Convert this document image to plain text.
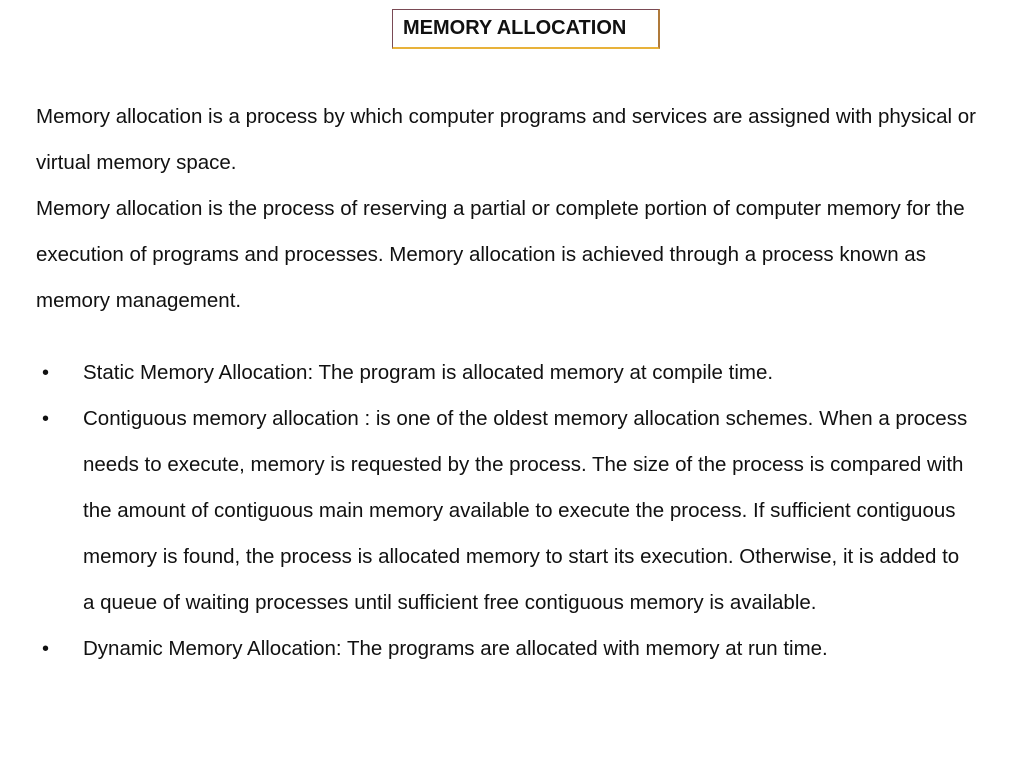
MEMORY ALLOCATION

Memory allocation is a process by which computer programs and services are assigned with physical or virtual memory space.

Memory allocation is the process of reserving a partial or complete portion of computer memory for the execution of programs and processes. Memory allocation is achieved through a process known as memory management.

• Static Memory Allocation: The program is allocated memory at compile time.
• Contiguous memory allocation : is one of the oldest memory allocation schemes. When a process needs to execute, memory is requested by the process. The size of the process is compared with the amount of contiguous main memory available to execute the process. If sufficient contiguous memory is found, the process is allocated memory to start its execution. Otherwise, it is added to a queue of waiting processes until sufficient free contiguous memory is available.
• Dynamic Memory Allocation: The programs are allocated with memory at run time.
